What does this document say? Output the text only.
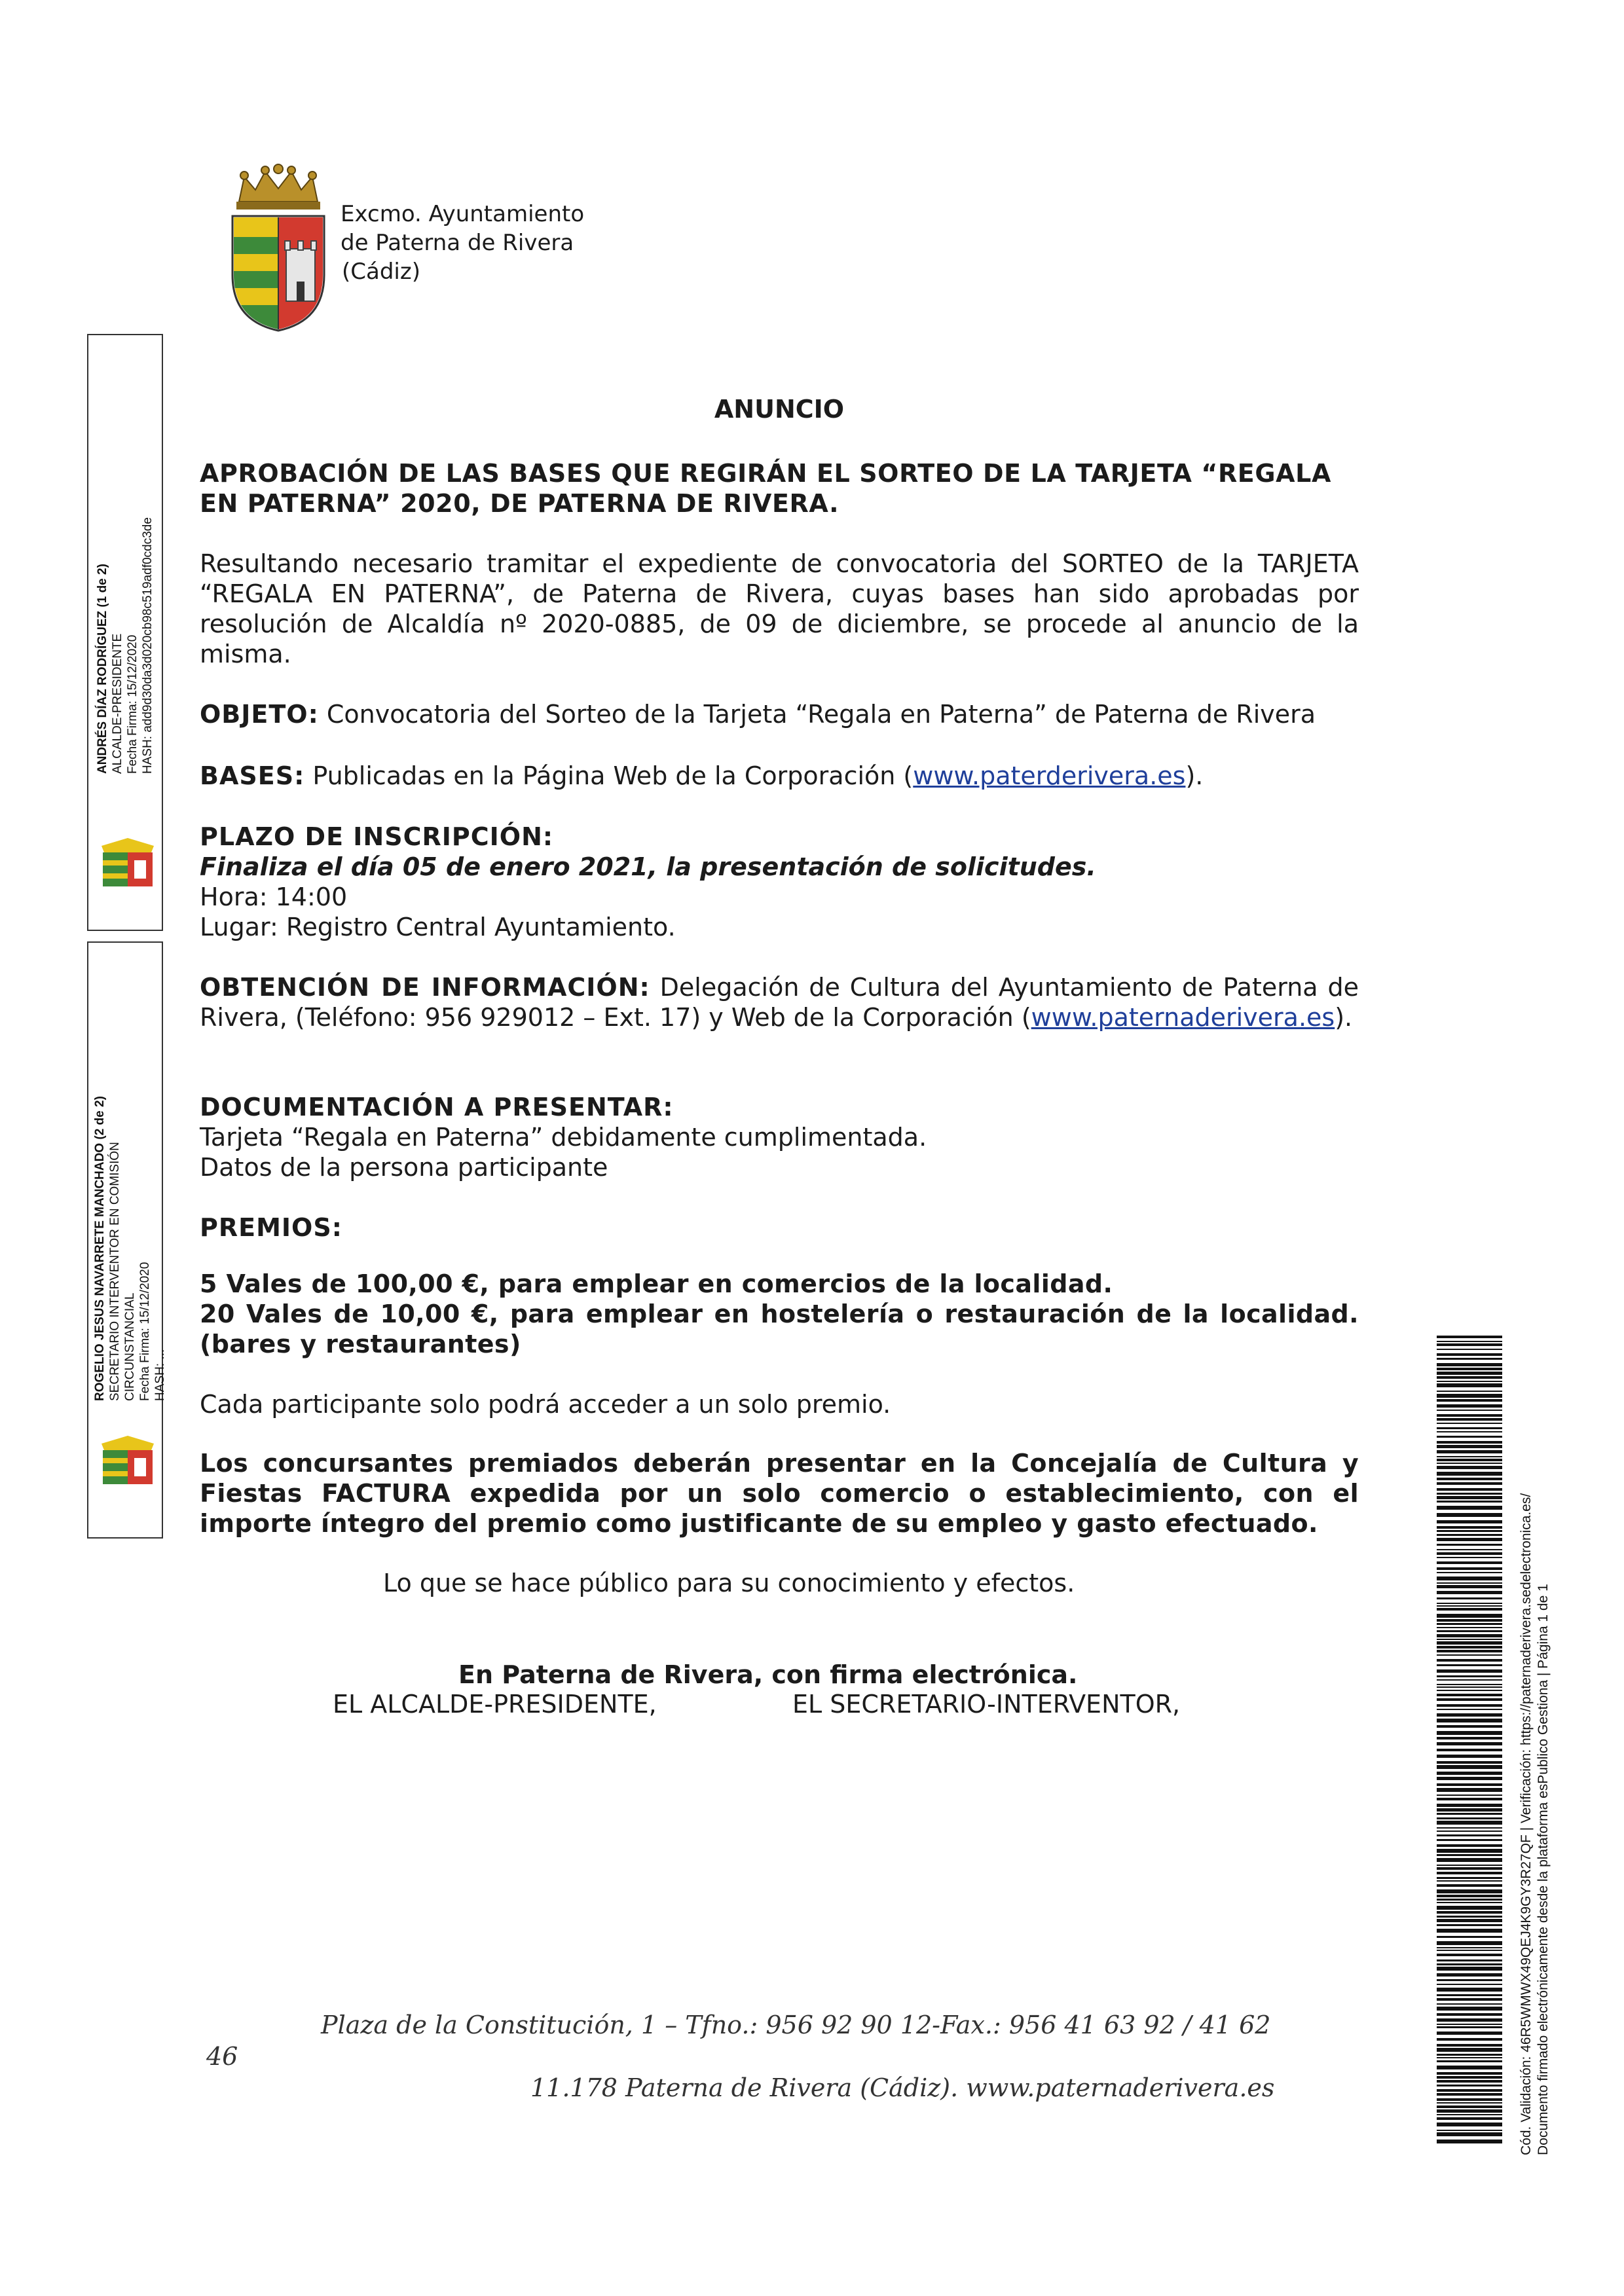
Excmo. Ayuntamiento
de Paterna de Rivera
(Cádiz)
ANDRÉS DÍAZ RODRÍGUEZ (1 de 2) ALCALDE-PRESIDENTE Fecha Firma: 15/12/2020 HASH: add9d30da3d020cb98c519adf0cdc3de
ROGELIO JESUS NAVARRETE MANCHADO (2 de 2) SECRETARIO INTERVENTOR EN COMISIÓN CIRCUNSTANCIAL Fecha Firma: 15/12/2020 HASH: ...
ANUNCIO
APROBACIÓN DE LAS BASES QUE REGIRÁN EL SORTEO DE LA TARJETA “REGALA
EN PATERNA” 2020, DE PATERNA DE RIVERA.
Resultando necesario tramitar el expediente de convocatoria del SORTEO de la TARJETA “REGALA EN PATERNA”, de Paterna de Rivera, cuyas bases han sido aprobadas por resolución de Alcaldía nº 2020-0885, de 09 de diciembre, se procede al anuncio de la misma.
OBJETO: Convocatoria del Sorteo de la Tarjeta “Regala en Paterna” de Paterna de Rivera
BASES: Publicadas en la Página Web de la Corporación (www.paterderivera.es).
PLAZO DE INSCRIPCIÓN:
Finaliza el día 05 de enero 2021, la presentación de solicitudes.
Hora: 14:00
Lugar: Registro Central Ayuntamiento.
OBTENCIÓN DE INFORMACIÓN: Delegación de Cultura del Ayuntamiento de Paterna de Rivera, (Teléfono: 956 929012 – Ext. 17) y Web de la Corporación (www.paternaderivera.es).
DOCUMENTACIÓN A PRESENTAR:
Tarjeta “Regala en Paterna” debidamente cumplimentada.
Datos de la persona participante
PREMIOS:
5 Vales de 100,00 €, para emplear en comercios de la localidad.
20 Vales de 10,00 €, para emplear en hostelería o restauración de la localidad. (bares y restaurantes)
Cada participante solo podrá acceder a un solo premio.
Los concursantes premiados deberán presentar en la Concejalía de Cultura y Fiestas FACTURA expedida por un solo comercio o establecimiento, con el importe íntegro del premio como justificante de su empleo y gasto efectuado.
Lo que se hace público para su conocimiento y efectos.
En Paterna de Rivera, con firma electrónica.
EL ALCALDE-PRESIDENTE,	EL SECRETARIO-INTERVENTOR,	Cód. Validación: 46R5WMWX49QEJ4K9GY3R27QF | Verificación: https://paternaderivera.sedelectronica.es/ Documento firmado electrónicamente desde la plataforma esPublico Gestiona | Página 1 de 1
Plaza de la Constitución, 1 – Tfno.: 956 92 90 12-Fax.: 956 41 63 92 / 41 62
46
11.178 Paterna de Rivera (Cádiz). www.paternaderivera.es
